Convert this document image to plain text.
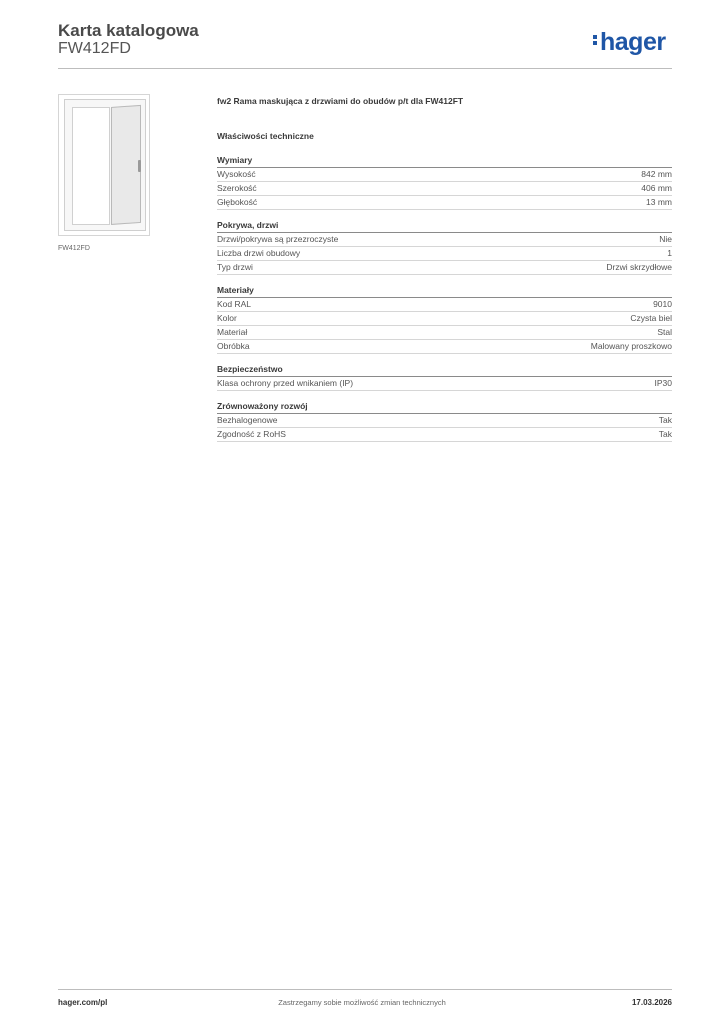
Karta katalogowa
FW412FD	hager
FW412FD
fw2 Rama maskująca z drzwiami do obudów p/t dla FW412FT
Właściwości techniczne
Wymiary
Wysokość	842 mm
Szerokość	406 mm
Głębokość	13 mm
Pokrywa, drzwi
Drzwi/pokrywa są przezroczyste	Nie
Liczba drzwi obudowy	1
Typ drzwi	Drzwi skrzydłowe
Materiały
Kod RAL	9010
Kolor	Czysta biel
Materiał	Stal
Obróbka	Malowany proszkowo
Bezpieczeństwo
Klasa ochrony przed wnikaniem (IP)	IP30
Zrównoważony rozwój
Bezhalogenowe	Tak
Zgodność z RoHS	Tak
hager.com/pl	Zastrzegamy sobie możliwość zmian technicznych	17.03.2026
